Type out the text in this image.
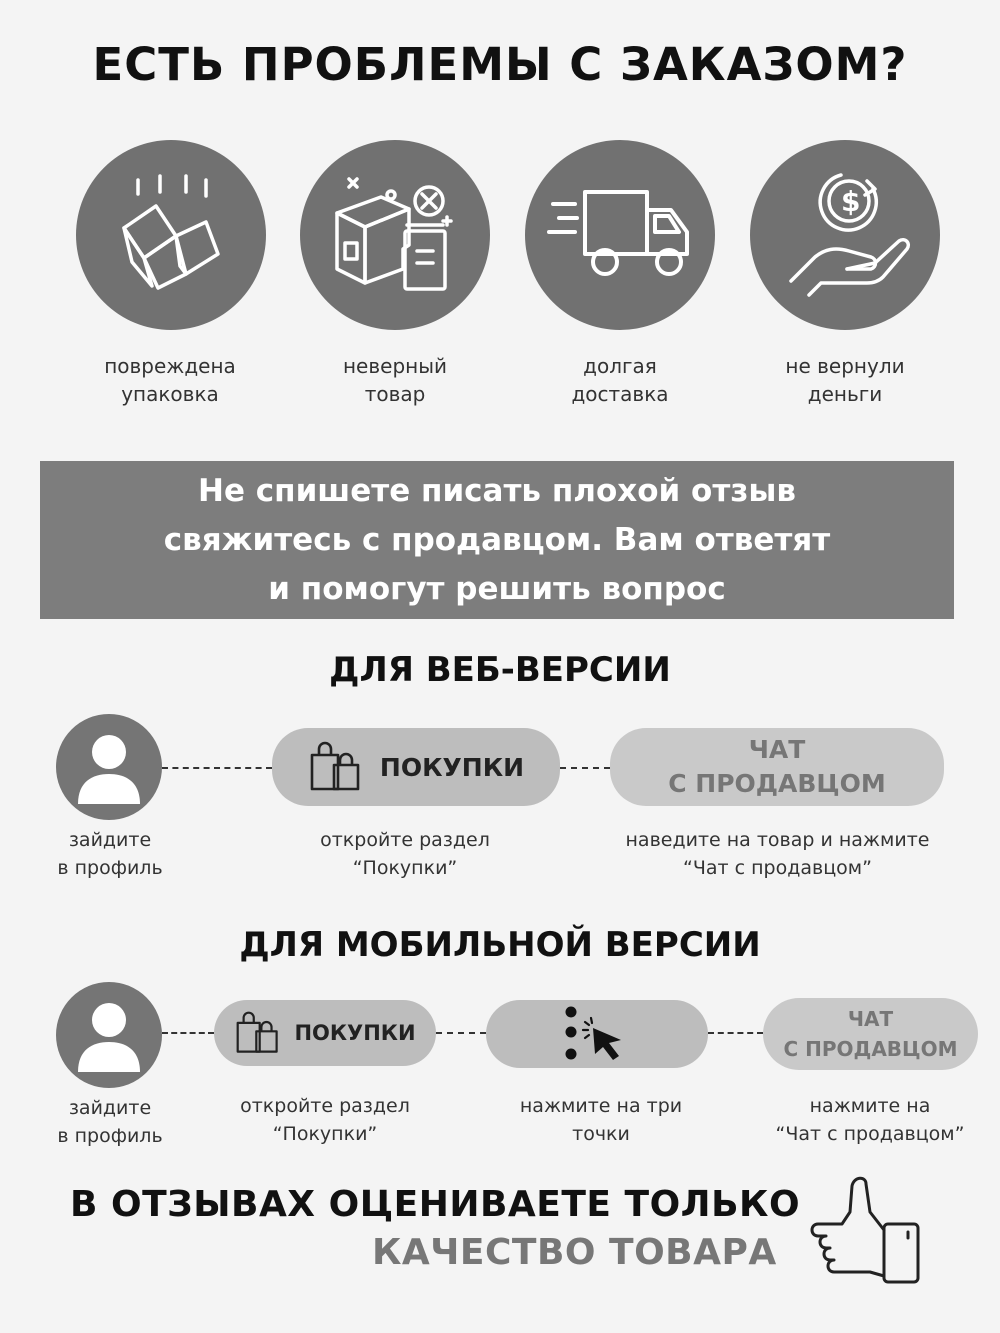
ЕСТЬ ПРОБЛЕМЫ С ЗАКАЗОМ?
$
повреждена
упаковка
неверный
товар
долгая
доставка
не вернули
деньги
Не спишете писать плохой отзыв
свяжитесь с продавцом. Вам ответят
и помогут решить вопрос
ДЛЯ ВЕБ-ВЕРСИИ
ПОКУПКИ
ЧАТ
С ПРОДАВЦОМ
зайдите
в профиль
откройте раздел
“Покупки”
наведите на товар и нажмите
“Чат с продавцом”
ДЛЯ МОБИЛЬНОЙ ВЕРСИИ
ПОКУПКИ
ЧАТ
С ПРОДАВЦОМ
зайдите
в профиль
откройте раздел
“Покупки”
нажмите на три
точки
нажмите на
“Чат с продавцом”
В ОТЗЫВАХ ОЦЕНИВАЕТЕ ТОЛЬКО
КАЧЕСТВО ТОВАРА
